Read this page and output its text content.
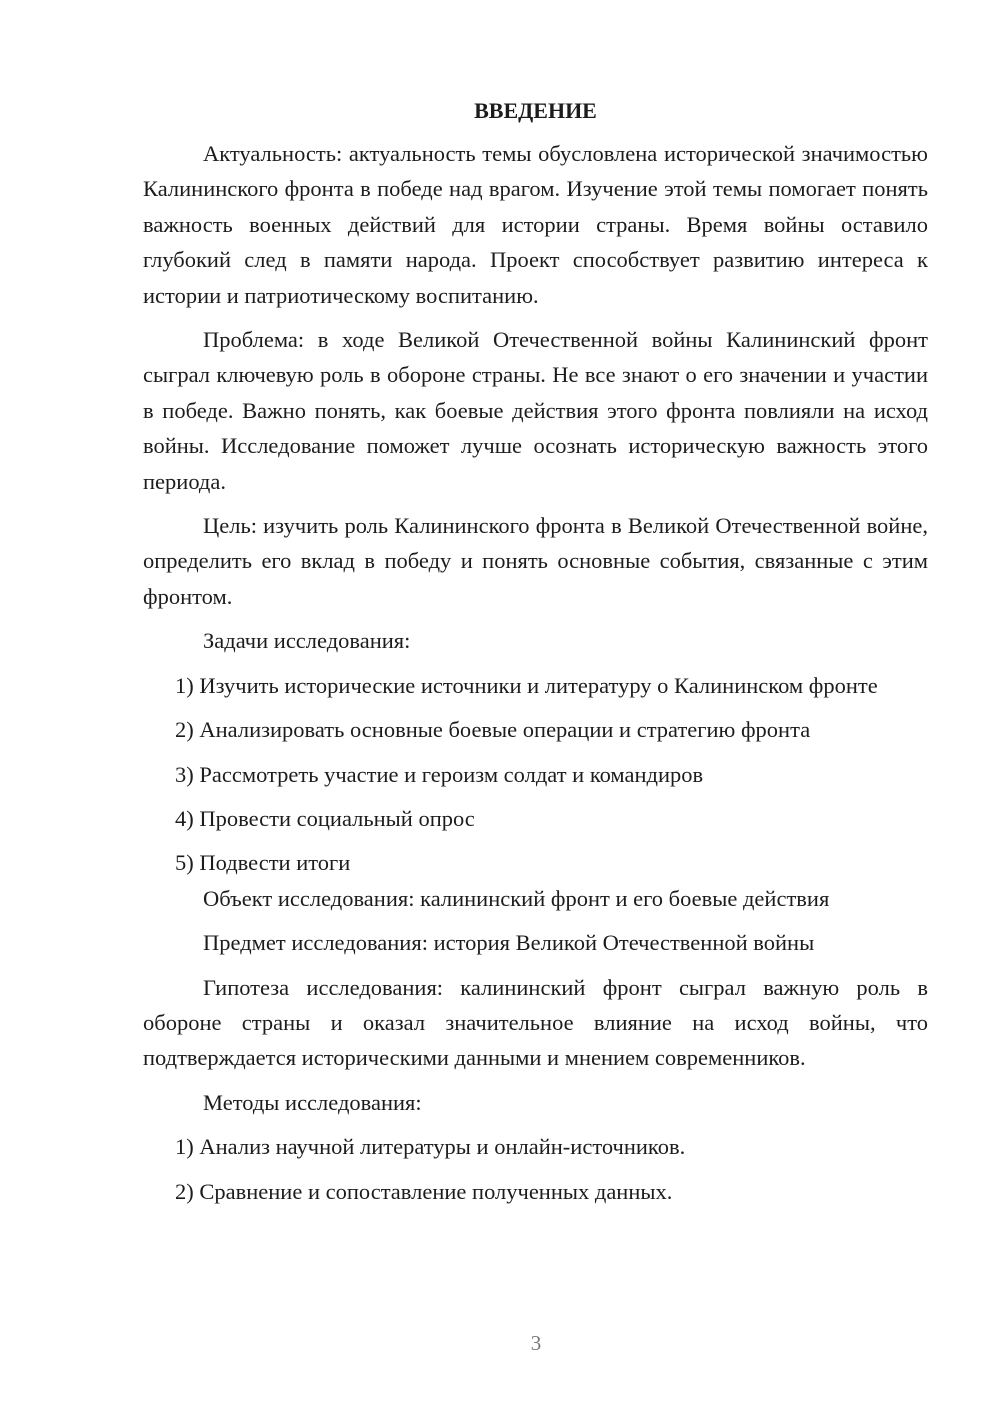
ВВЕДЕНИЕ

Актуальность: актуальность темы обусловлена исторической значимостью Калининского фронта в победе над врагом. Изучение этой темы помогает понять важность военных действий для истории страны. Время войны оставило глубокий след в памяти народа. Проект способствует развитию интереса к истории и патриотическому воспитанию.

Проблема: в ходе Великой Отечественной войны Калининский фронт сыграл ключевую роль в обороне страны. Не все знают о его значении и участии в победе. Важно понять, как боевые действия этого фронта повлияли на исход войны. Исследование поможет лучше осознать историческую важность этого периода.

Цель: изучить роль Калининского фронта в Великой Отечественной войне, определить его вклад в победу и понять основные события, связанные с этим фронтом.

Задачи исследования:

1) Изучить исторические источники и литературу о Калининском фронте

2) Анализировать основные боевые операции и стратегию фронта
3) Рассмотреть участие и героизм солдат и командиров
4) Провести социальный опрос
5) Подвести итоги
Объект исследования: калининский фронт и его боевые действия
Предмет исследования: история Великой Отечественной войны

Гипотеза исследования: калининский фронт сыграл важную роль в обороне страны и оказал значительное влияние на исход войны, что подтверждается историческими данными и мнением современников.

Методы исследования:
1) Анализ научной литературы и онлайн-источников.
2) Сравнение и сопоставление полученных данных.
3
